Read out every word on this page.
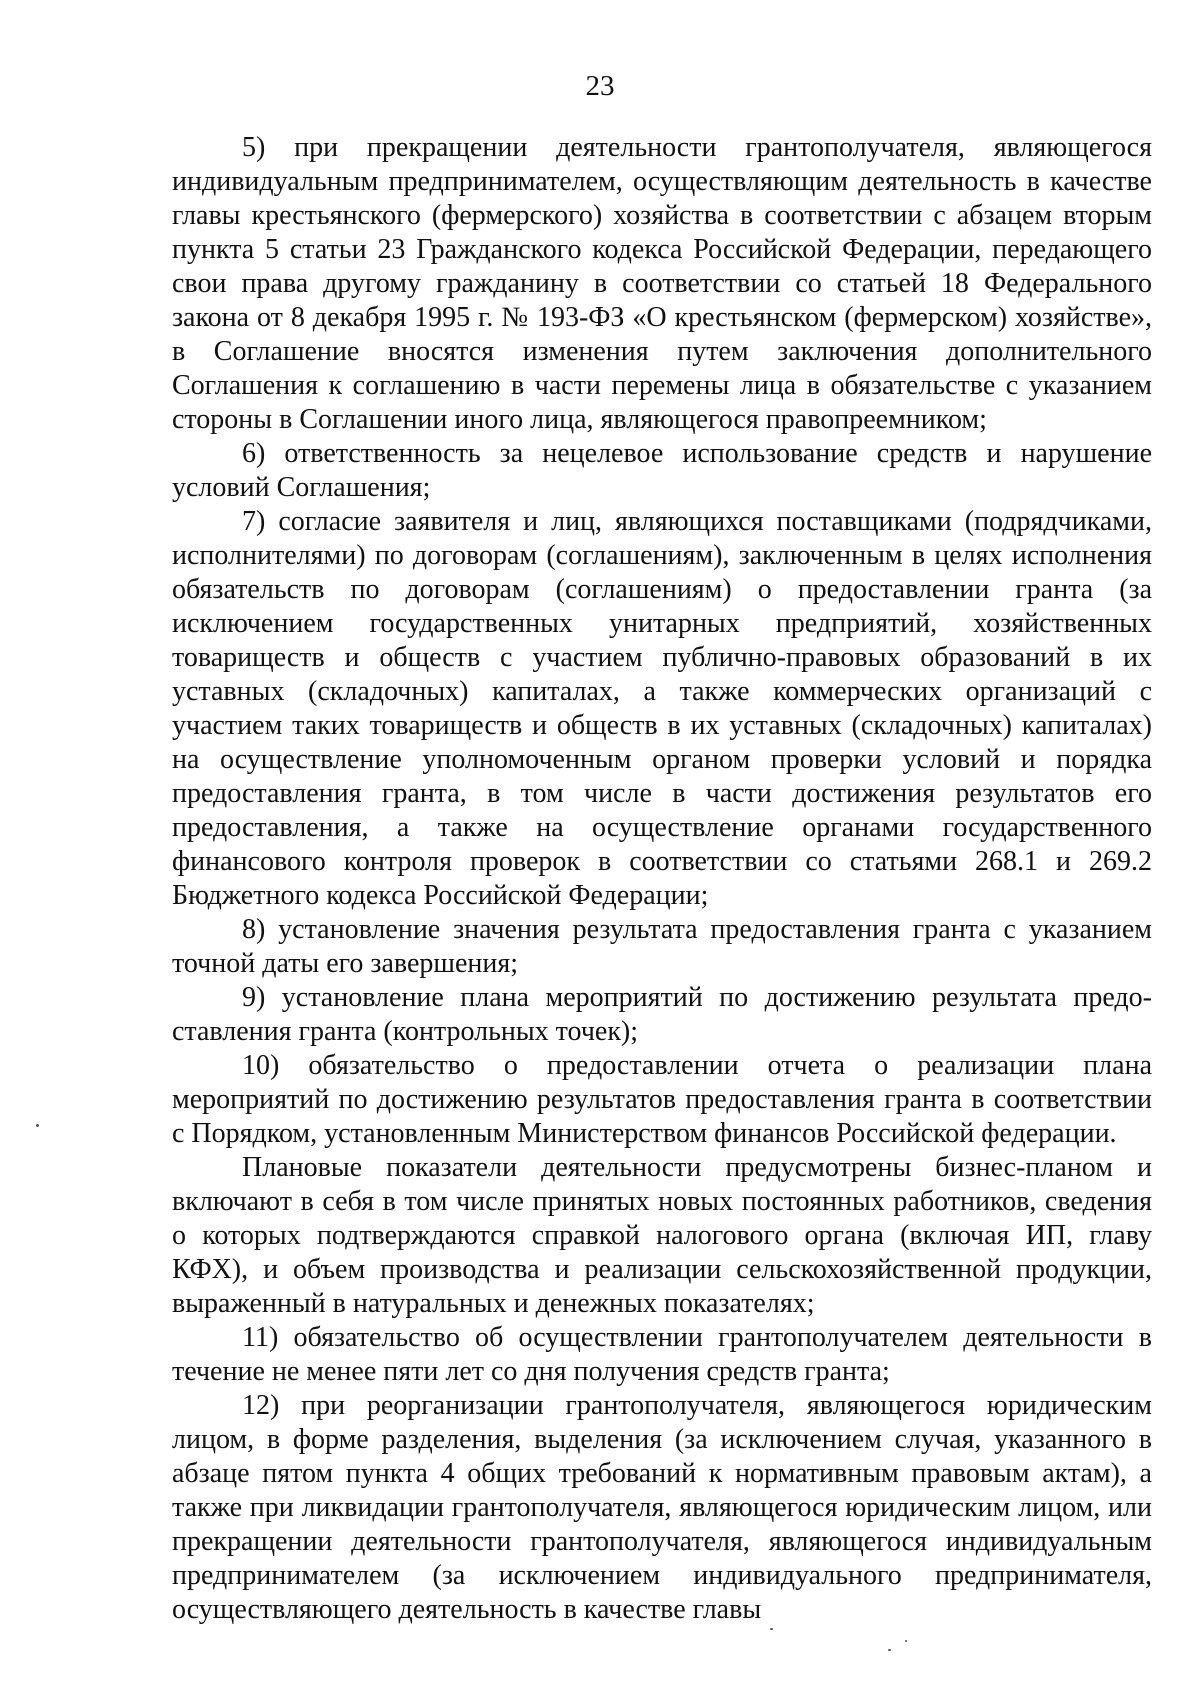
23

5) при прекращении деятельности грантополучателя, являющегося индивидуальным предпринимателем, осуществляющим деятельность в качестве главы крестьянского (фермерского) хозяйства в соответствии с абзацем вторым пункта 5 статьи 23 Гражданского кодекса Российской Федерации, передающего свои права другому гражданину в соответствии со статьей 18 Федерального закона от 8 декабря 1995 г. № 193-ФЗ «О крестьянском (фермерском) хозяйстве», в Соглашение вносятся изменения путем заключения дополнительного Соглашения к соглашению в части перемены лица в обязательстве с указанием стороны в Соглашении иного лица, являющегося правопреемником;

6) ответственность за нецелевое использование средств и нарушение условий Соглашения;

7) согласие заявителя и лиц, являющихся поставщиками (подрядчиками, исполнителями) по договорам (соглашениям), заключенным в целях исполнения обязательств по договорам (соглашениям) о предоставлении гранта (за исключением государственных унитарных предприятий, хозяйственных товариществ и обществ с участием публично-правовых образований в их уставных (складочных) капиталах, а также коммерческих организаций с участием таких товариществ и обществ в их уставных (складочных) капиталах) на осуществление уполномоченным органом проверки условий и порядка предоставления гранта, в том числе в части достижения результатов его предоставления, а также на осуществление органами государственного финансового контроля проверок в соответствии со статьями 268.1 и 269.2 Бюджетного кодекса Российской Федерации;

8) установление значения результата предоставления гранта с указанием точной даты его завершения;

9) установление плана мероприятий по достижению результата предоставления гранта (контрольных точек);

10) обязательство о предоставлении отчета о реализации плана мероприятий по достижению результатов предоставления гранта в соответствии с Порядком, установленным Министерством финансов Российской федерации.

Плановые показатели деятельности предусмотрены бизнес-планом и включают в себя в том числе принятых новых постоянных работников, сведения о которых подтверждаются справкой налогового органа (включая ИП, главу КФХ), и объем производства и реализации сельскохозяйственной продукции, выраженный в натуральных и денежных показателях;

11) обязательство об осуществлении грантополучателем деятельности в течение не менее пяти лет со дня получения средств гранта;

12) при реорганизации грантополучателя, являющегося юридическим лицом, в форме разделения, выделения (за исключением случая, указанного в абзаце пятом пункта 4 общих требований к нормативным правовым актам), а также при ликвидации грантополучателя, являющегося юридическим лицом, или прекращении деятельности грантополучателя, являющегося индивидуальным предпринимателем (за исключением индивидуального предпринимателя, осуществляющего деятельность в качестве главы
